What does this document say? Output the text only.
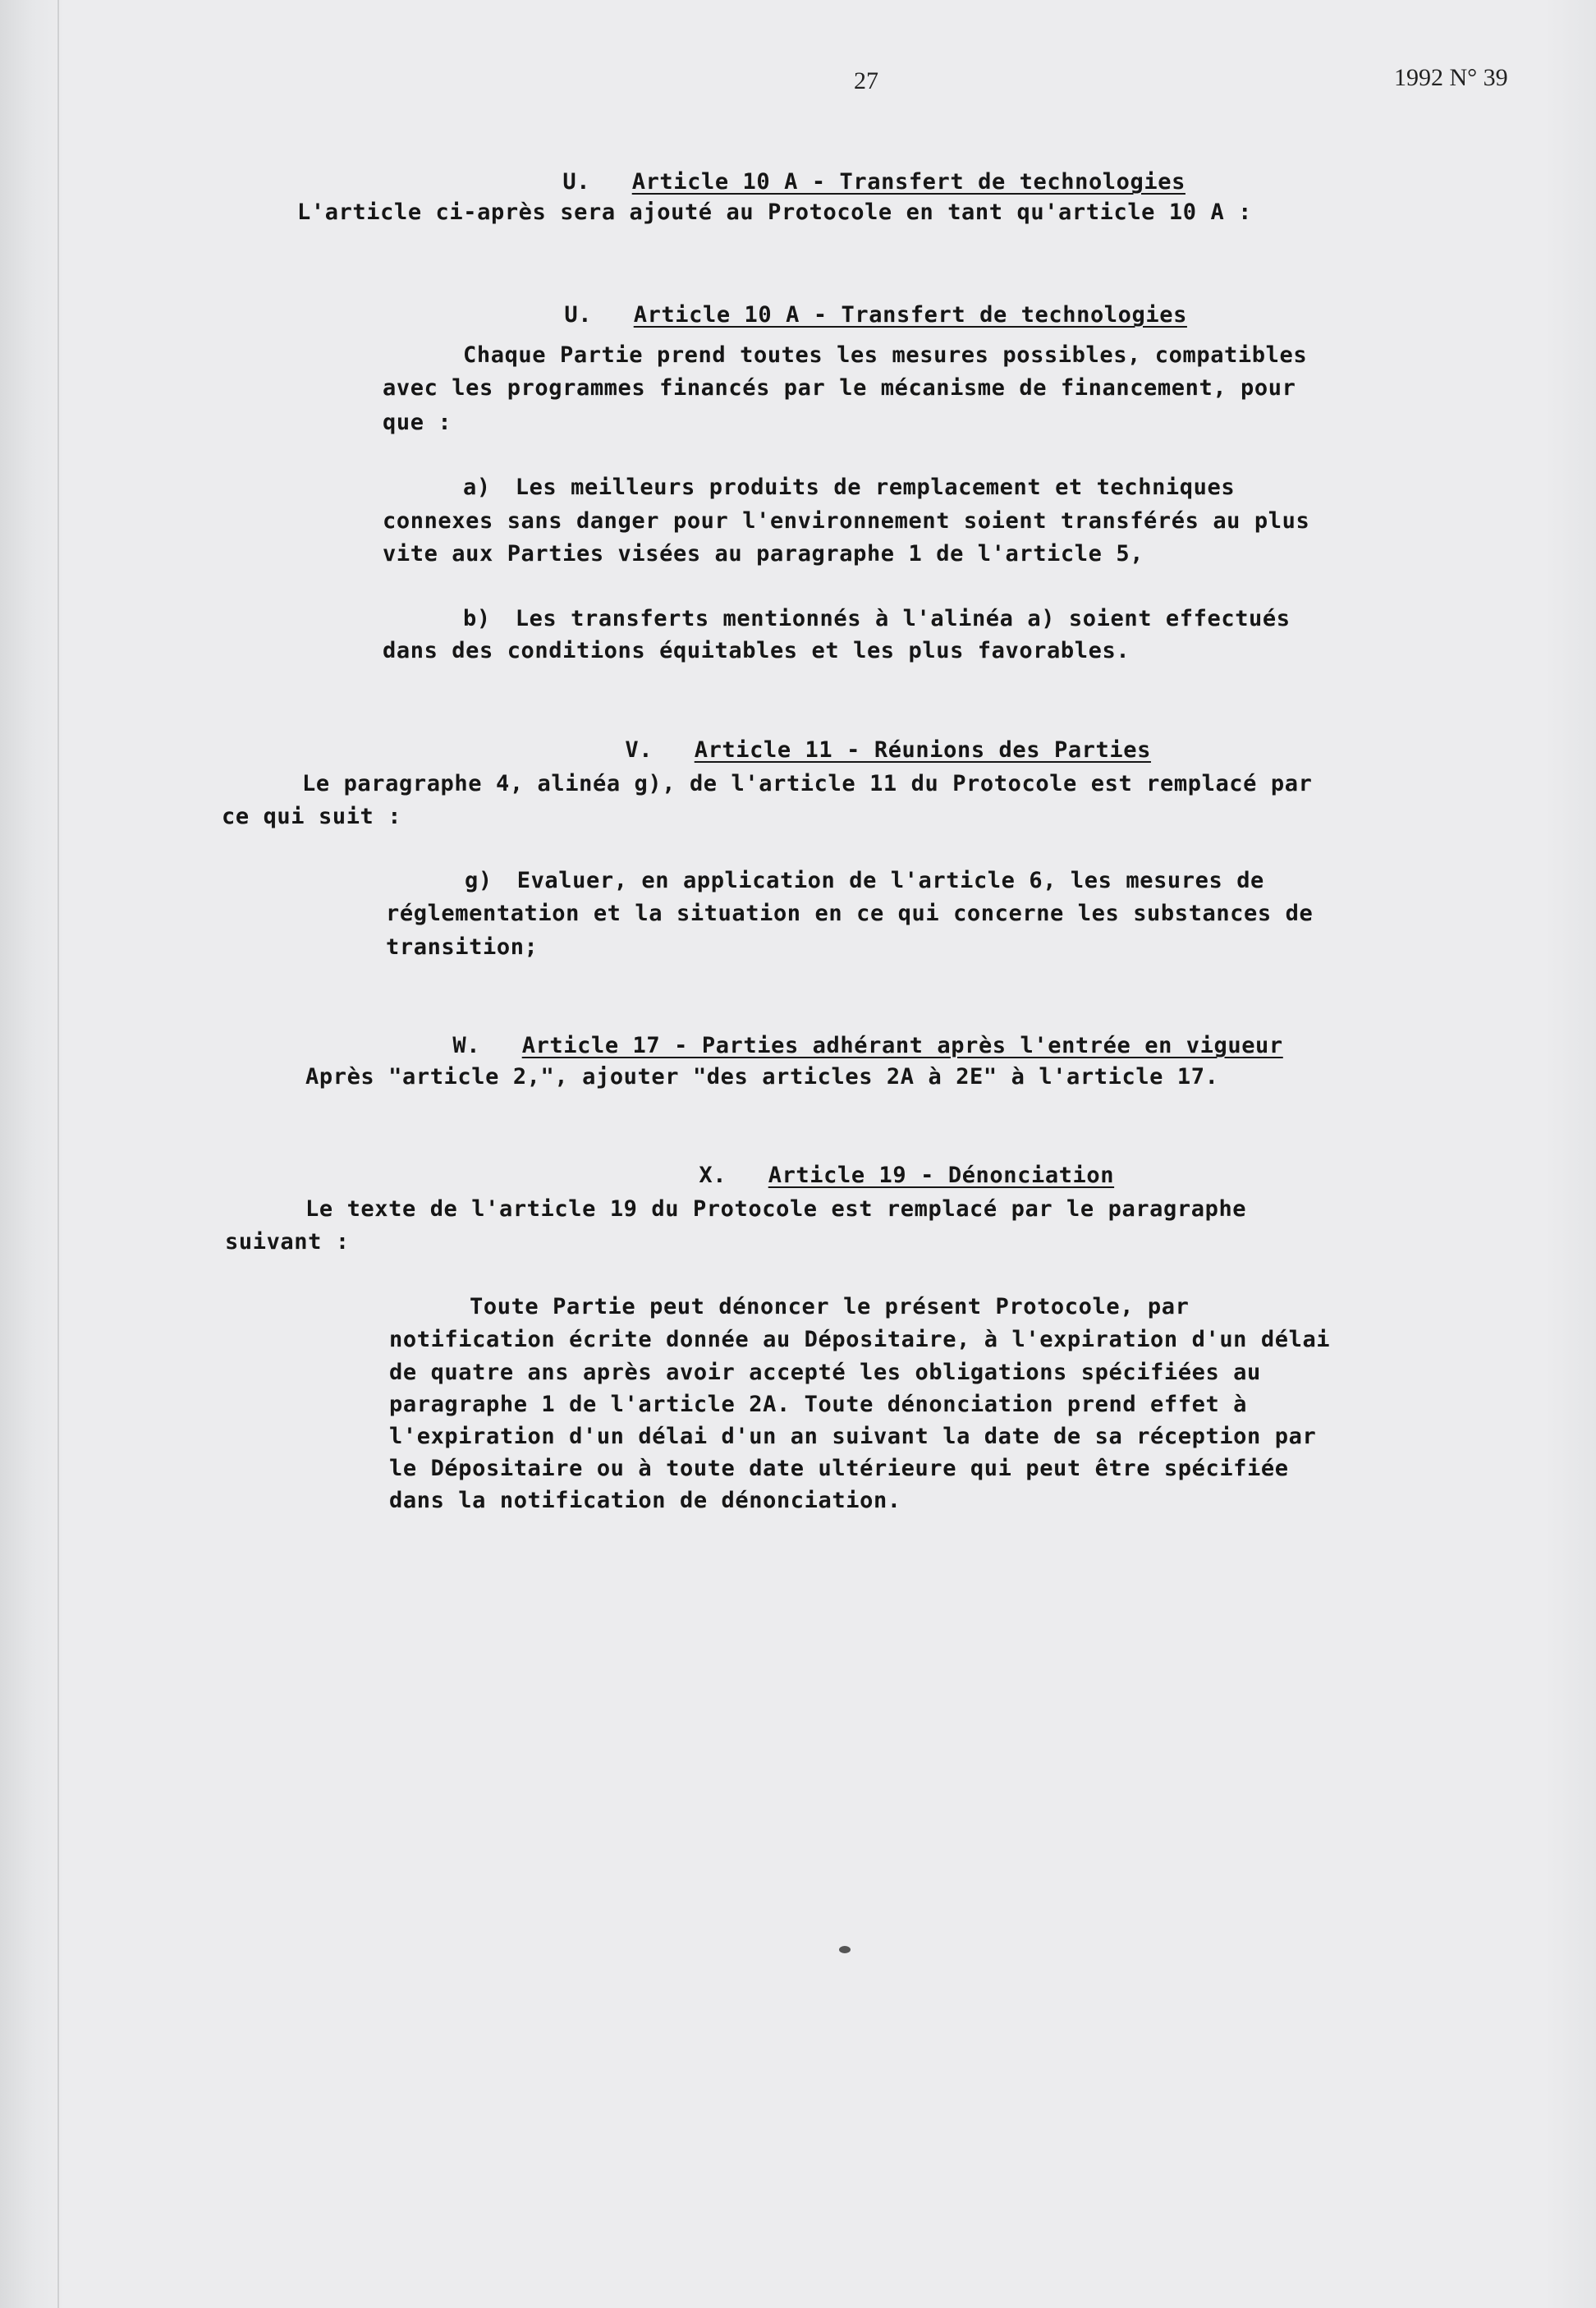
27	1992 N° 39

U. Article 10 A - Transfert de technologies

L'article ci-après sera ajouté au Protocole en tant qu'article 10 A :

U. Article 10 A - Transfert de technologies

Chaque Partie prend toutes les mesures possibles, compatibles
avec les programmes financés par le mécanisme de financement, pour
que :
a) Les meilleurs produits de remplacement et techniques
connexes sans danger pour l'environnement soient transférés au plus
vite aux Parties visées au paragraphe 1 de l'article 5,
b) Les transferts mentionnés à l'alinéa a) soient effectués
dans des conditions équitables et les plus favorables.

V. Article 11 - Réunions des Parties

Le paragraphe 4, alinéa g), de l'article 11 du Protocole est remplacé par
ce qui suit :
g) Evaluer, en application de l'article 6, les mesures de
réglementation et la situation en ce qui concerne les substances de
transition;

W. Article 17 - Parties adhérant après l'entrée en vigueur

Après "article 2,", ajouter "des articles 2A à 2E" à l'article 17.

X. Article 19 - Dénonciation

Le texte de l'article 19 du Protocole est remplacé par le paragraphe
suivant :
Toute Partie peut dénoncer le présent Protocole, par
notification écrite donnée au Dépositaire, à l'expiration d'un délai
de quatre ans après avoir accepté les obligations spécifiées au
paragraphe 1 de l'article 2A. Toute dénonciation prend effet à
l'expiration d'un délai d'un an suivant la date de sa réception par
le Dépositaire ou à toute date ultérieure qui peut être spécifiée
dans la notification de dénonciation.
